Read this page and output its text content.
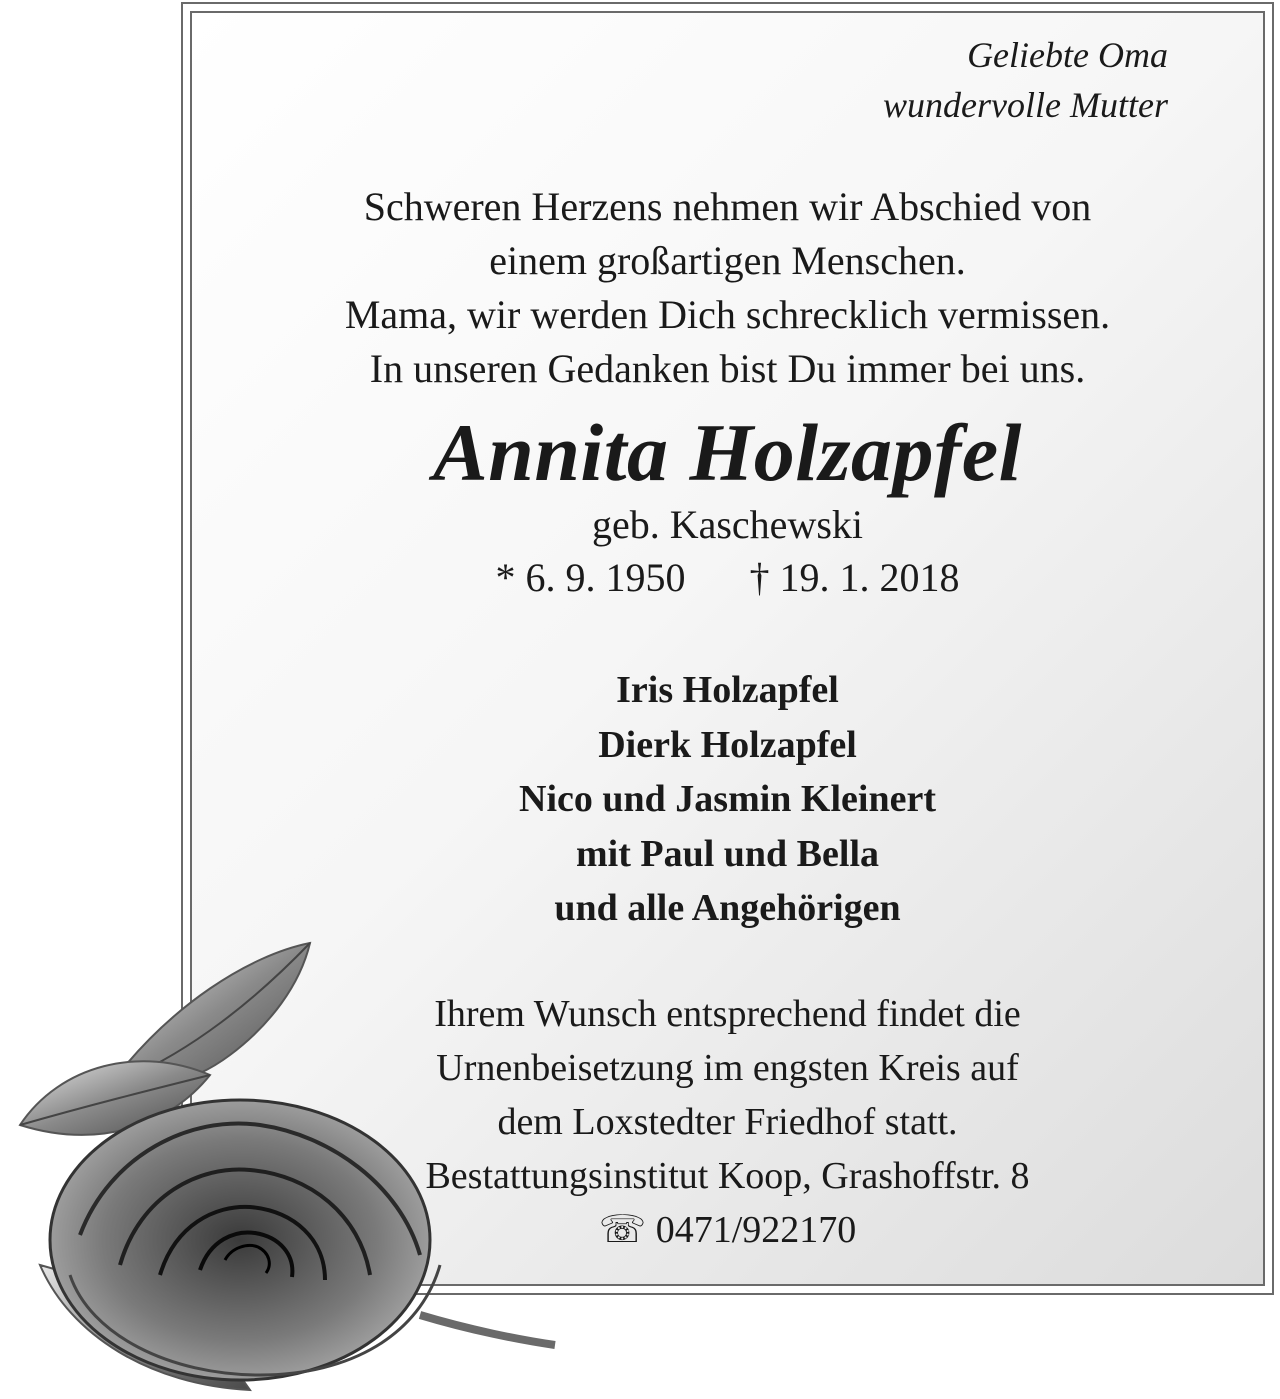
Geliebte Oma
wundervolle Mutter
Schweren Herzens nehmen wir Abschied von
einem großartigen Menschen.
Mama, wir werden Dich schrecklich vermissen.
In unseren Gedanken bist Du immer bei uns.
Annita Holzapfel
geb. Kaschewski
* 6. 9. 1950 † 19. 1. 2018
Iris Holzapfel
Dierk Holzapfel
Nico und Jasmin Kleinert
mit Paul und Bella
und alle Angehörigen
Ihrem Wunsch entsprechend findet die
Urnenbeisetzung im engsten Kreis auf
dem Loxstedter Friedhof statt.
Bestattungsinstitut Koop, Grashoffstr. 8
☏ 0471/922170
